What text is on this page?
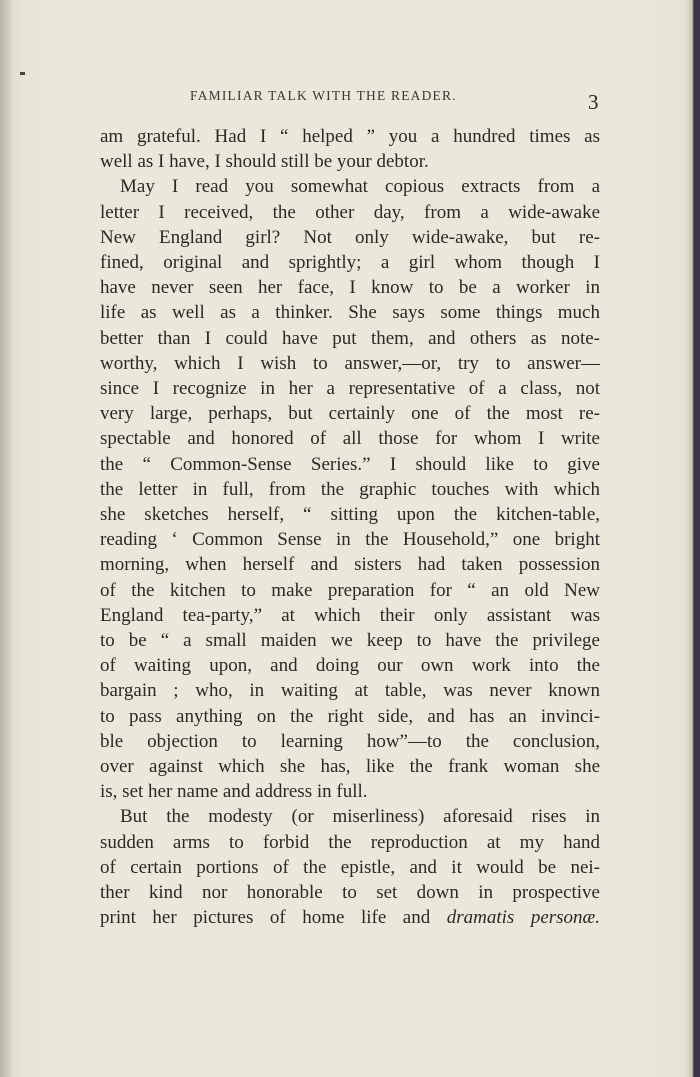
FAMILIAR TALK WITH THE READER.	3
am grateful. Had I “ helped ” you a hundred times as
well as I have, I should still be your debtor.
May I read you somewhat copious extracts from a
letter I received, the other day, from a wide-awake
New England girl? Not only wide-awake, but re-
fined, original and sprightly; a girl whom though I
have never seen her face, I know to be a worker in
life as well as a thinker. She says some things much
better than I could have put them, and others as note-
worthy, which I wish to answer,—or, try to answer—
since I recognize in her a representative of a class, not
very large, perhaps, but certainly one of the most re-
spectable and honored of all those for whom I write
the “ Common-Sense Series.” I should like to give
the letter in full, from the graphic touches with which
she sketches herself, “ sitting upon the kitchen-table,
reading ‘ Common Sense in the Household,” one bright
morning, when herself and sisters had taken possession
of the kitchen to make preparation for “ an old New
England tea-party,” at which their only assistant was
to be “ a small maiden we keep to have the privilege
of waiting upon, and doing our own work into the
bargain ; who, in waiting at table, was never known
to pass anything on the right side, and has an invinci-
ble objection to learning how”—to the conclusion,
over against which she has, like the frank woman she
is, set her name and address in full.
But the modesty (or miserliness) aforesaid rises in
sudden arms to forbid the reproduction at my hand
of certain portions of the epistle, and it would be nei-
ther kind nor honorable to set down in prospective
print her pictures of home life and dramatis personæ.
